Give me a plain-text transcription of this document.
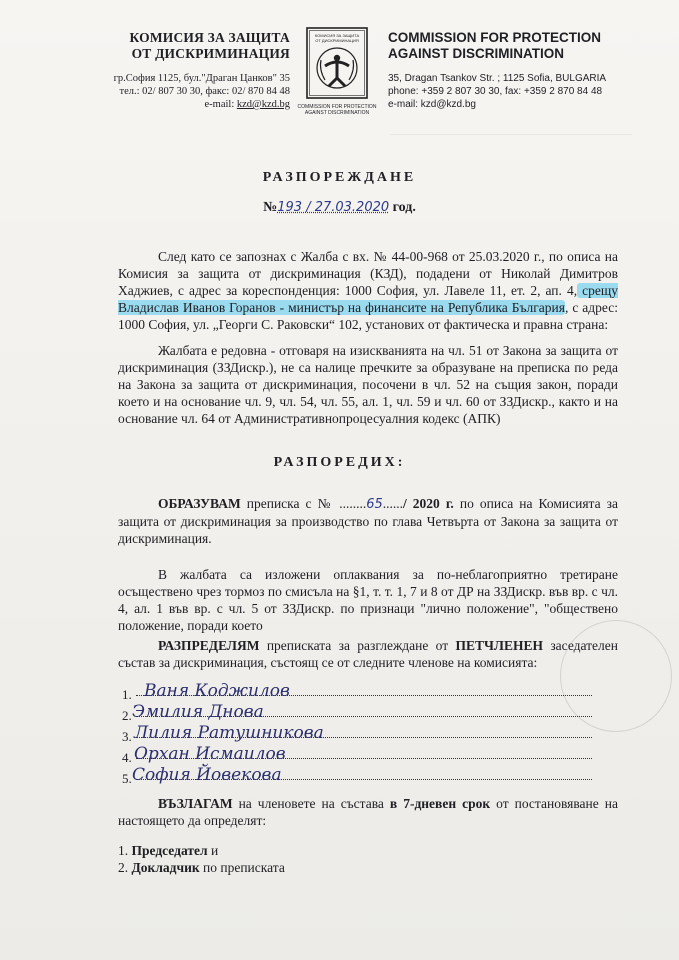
——————————————————————
КОМИСИЯ ЗА ЗАЩИТА
ОТ ДИСКРИМИНАЦИЯ
гр.София 1125, бул."Драган Цанков" 35
тел.: 02/ 807 30 30, факс: 02/ 870 84 48
e-mail: kzd@kzd.bg
КОМИСИЯ ЗА ЗАЩИТА
ОТ ДИСКРИМИНАЦИЯ
COMMISSION FOR PROTECTION AGAINST DISCRIMINATION
COMMISSION FOR PROTECTION
AGAINST DISCRIMINATION
35, Dragan Tsankov Str. ; 1125 Sofia, BULGARIA
phone: +359 2 807 30 30, fax: +359 2 870 84 48
e-mail: kzd@kzd.bg
РАЗПОРЕЖДАНЕ
№193 / 27.03.2020 год.

След като се запознах с Жалба с вх. № 44-00-968 от 25.03.2020 г., по описа на Комисия за защита от дискриминация (КЗД), подадени от Николай Димитров Хаджиев, с адрес за кореспонденция: 1000 София, ул. Лавеле 11, ет. 2, ап. 4, срещу Владислав Иванов Горанов - министър на финансите на Република България, с адрес: 1000 София, ул. „Георги С. Раковски“ 102, установих от фактическа и правна страна:

Жалбата е редовна - отговаря на изискванията на чл. 51 от Закона за защита от дискриминация (ЗЗДискр.), не са налице пречките за образуване на преписка по реда на Закона за защита от дискриминация, посочени в чл. 52 на същия закон, поради което и на основание чл. 9, чл. 54, чл. 55, ал. 1, чл. 59 и чл. 60 от ЗЗДискр., както и на основание чл. 64 от Административнопроцесуалния кодекс (АПК)

РАЗПОРЕДИХ:

ОБРАЗУВАМ преписка с № ........65....../ 2020 г. по описа на Комисията за защита от дискриминация за производство по глава Четвърта от Закона за защита от дискриминация.

В жалбата са изложени оплаквания за по-неблагоприятно третиране осъществено чрез тормоз по смисъла на §1, т. т. 1, 7 и 8 от ДР на ЗЗДискр. във вр. с чл. 4, ал. 1 във вр. с чл. 5 от ЗЗДискр. по признаци "лично положение", "обществено положение, поради което

РАЗПРЕДЕЛЯМ преписката за разглеждане от ПЕТЧЛЕНЕН заседателен състав за дискриминация, състоящ се от следните членове на комисията:

1. Ваня Коджилов
2. Эмилия Днова
3. Лилия Ратушникова
4. Орхан Исмаилов
5. София Йовекова

ВЪЗЛАГАМ на членовете на състава в 7-дневен срок от постановяване на настоящето да определят:

1. Председател и

2. Докладчик по преписката
